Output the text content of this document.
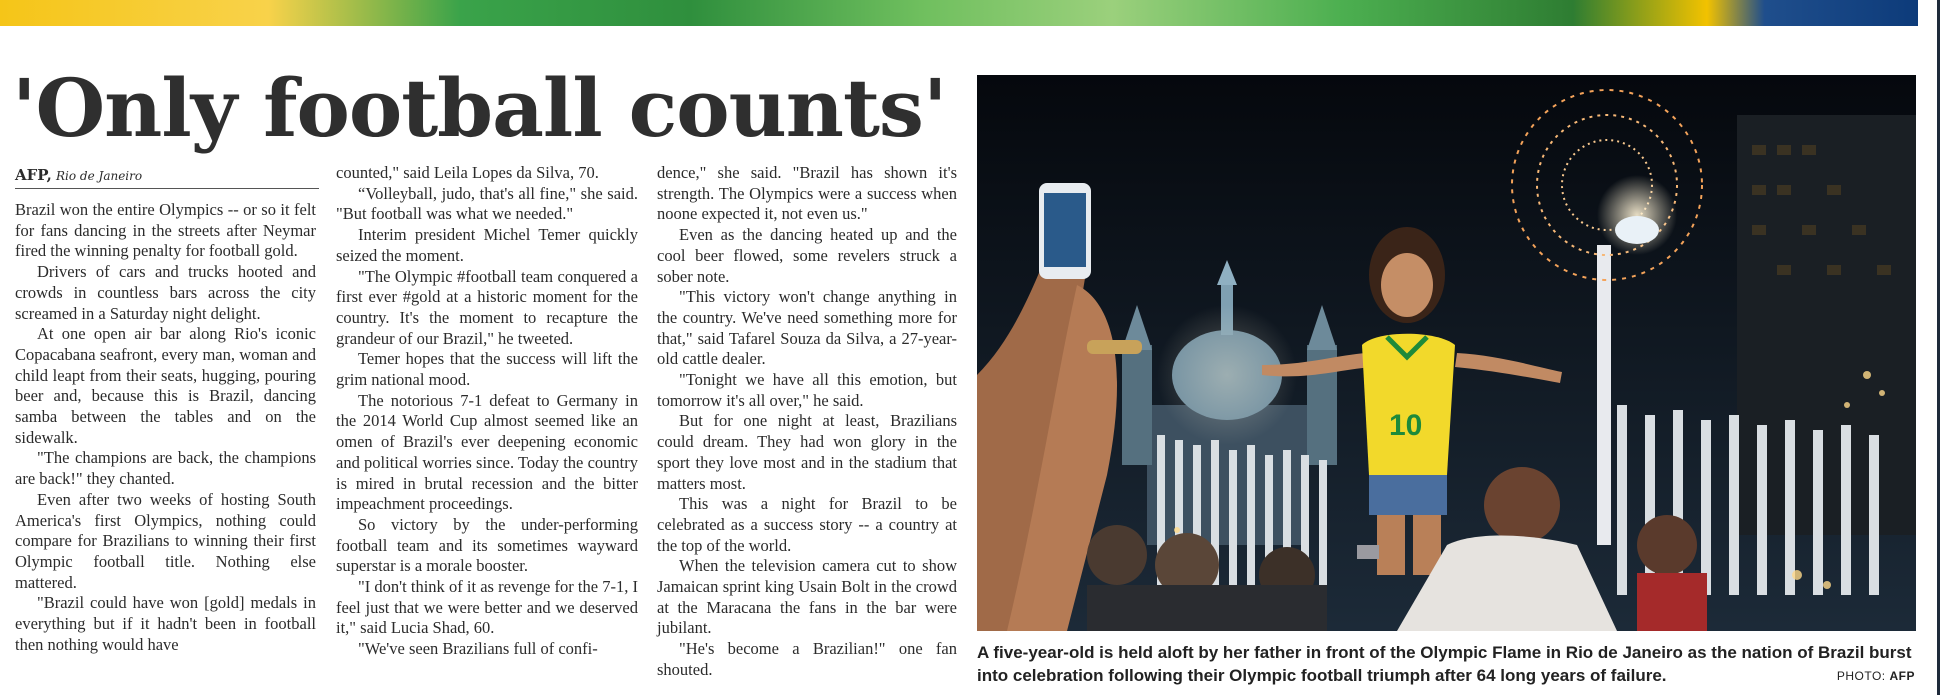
'Only football counts'
AFP, Rio de Janeiro

Brazil won the entire Olympics -- or so it felt for fans dancing in the streets after Neymar fired the winning penalty for football gold.

Drivers of cars and trucks hooted and crowds in countless bars across the city screamed in a Saturday night delight.

At one open air bar along Rio's iconic Copacabana seafront, every man, woman and child leapt from their seats, hugging, pouring beer and, because this is Brazil, dancing samba between the tables and on the sidewalk.

"The champions are back, the champions are back!" they chanted.

Even after two weeks of hosting South America's first Olympics, nothing could compare for Brazilians to winning their first Olympic football title. Nothing else mattered.

"Brazil could have won [gold] medals in everything but if it hadn't been in football then nothing would have

counted," said Leila Lopes da Silva, 70.

“Volleyball, judo, that's all fine," she said. "But football was what we needed."

Interim president Michel Temer quickly seized the moment.

"The Olympic #football team conquered a first ever #gold at a historic moment for the country. It's the moment to recapture the grandeur of our Brazil," he tweeted.

Temer hopes that the success will lift the grim national mood.

The notorious 7-1 defeat to Germany in the 2014 World Cup almost seemed like an omen of Brazil's ever deepening economic and political worries since. Today the country is mired in brutal recession and the bitter impeachment proceedings.

So victory by the under-performing football team and its sometimes wayward superstar is a morale booster.

"I don't think of it as revenge for the 7-1, I feel just that we were better and we deserved it," said Lucia Shad, 60.

"We've seen Brazilians full of confi-

dence," she said. "Brazil has shown it's strength. The Olympics were a success when noone expected it, not even us."

Even as the dancing heated up and the cool beer flowed, some revelers struck a sober note.

"This victory won't change anything in the country. We've need something more for that," said Tafarel Souza da Silva, a 27-year-old cattle dealer.

"Tonight we have all this emotion, but tomorrow it's all over," he said.

But for one night at least, Brazilians could dream. They had won glory in the sport they love most and in the stadium that matters most.

This was a night for Brazil to be celebrated as a success story -- a country at the top of the world.

When the television camera cut to show Jamaican sprint king Usain Bolt in the crowd at the Maracana the fans in the bar were jubilant.

"He's become a Brazilian!" one fan shouted.

10
A five-year-old is held aloft by her father in front of the Olympic Flame in Rio de Janeiro as the nation of Brazil burst into celebration following their Olympic football triumph after 64 long years of failure.	PHOTO: AFP
